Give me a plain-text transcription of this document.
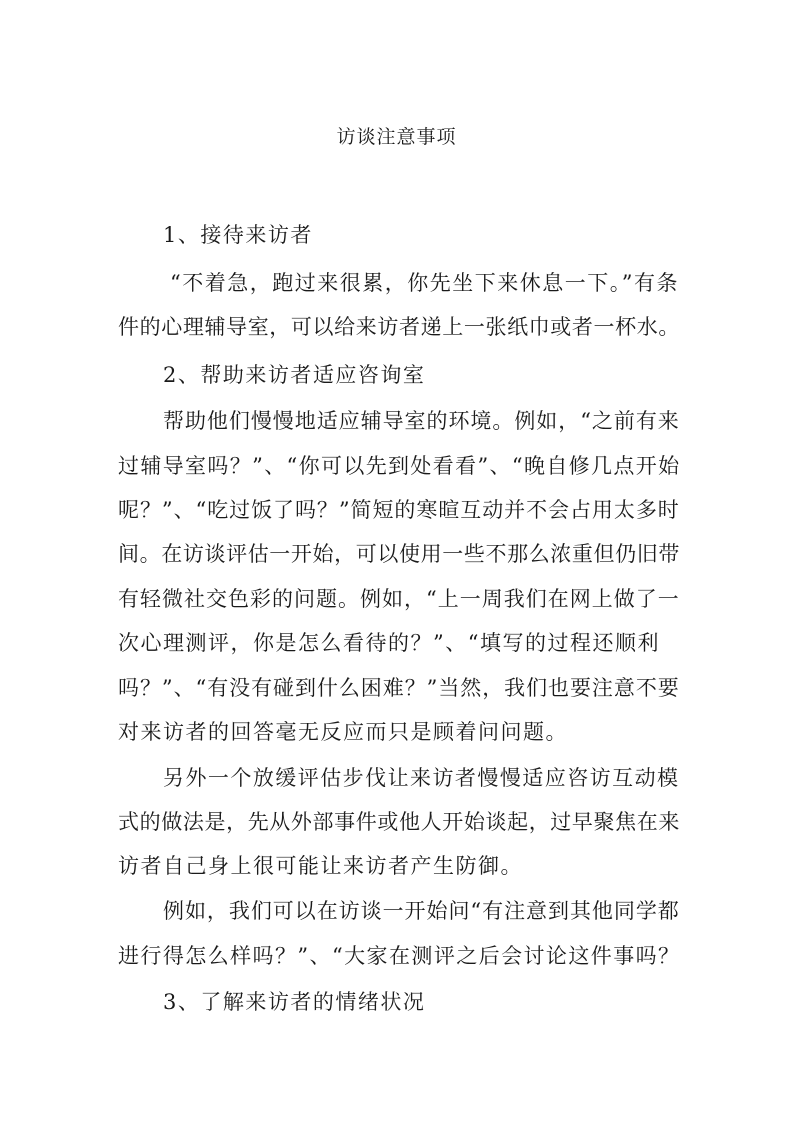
访谈注意事项
1、接待来访者
“不着急，跑过来很累，你先坐下来休息一下。”有条
件的心理辅导室，可以给来访者递上一张纸巾或者一杯水。
2、帮助来访者适应咨询室
帮助他们慢慢地适应辅导室的环境。例如，“之前有来
过辅导室吗？”、“你可以先到处看看”、“晚自修几点开始
呢？”、“吃过饭了吗？”简短的寒暄互动并不会占用太多时
间。在访谈评估一开始，可以使用一些不那么浓重但仍旧带
有轻微社交色彩的问题。例如，“上一周我们在网上做了一
次心理测评，你是怎么看待的？”、“填写的过程还顺利
吗？”、“有没有碰到什么困难？”当然，我们也要注意不要
对来访者的回答毫无反应而只是顾着问问题。
另外一个放缓评估步伐让来访者慢慢适应咨访互动模
式的做法是，先从外部事件或他人开始谈起，过早聚焦在来
访者自己身上很可能让来访者产生防御。
例如，我们可以在访谈一开始问“有注意到其他同学都
进行得怎么样吗？”、“大家在测评之后会讨论这件事吗？
3、了解来访者的情绪状况
